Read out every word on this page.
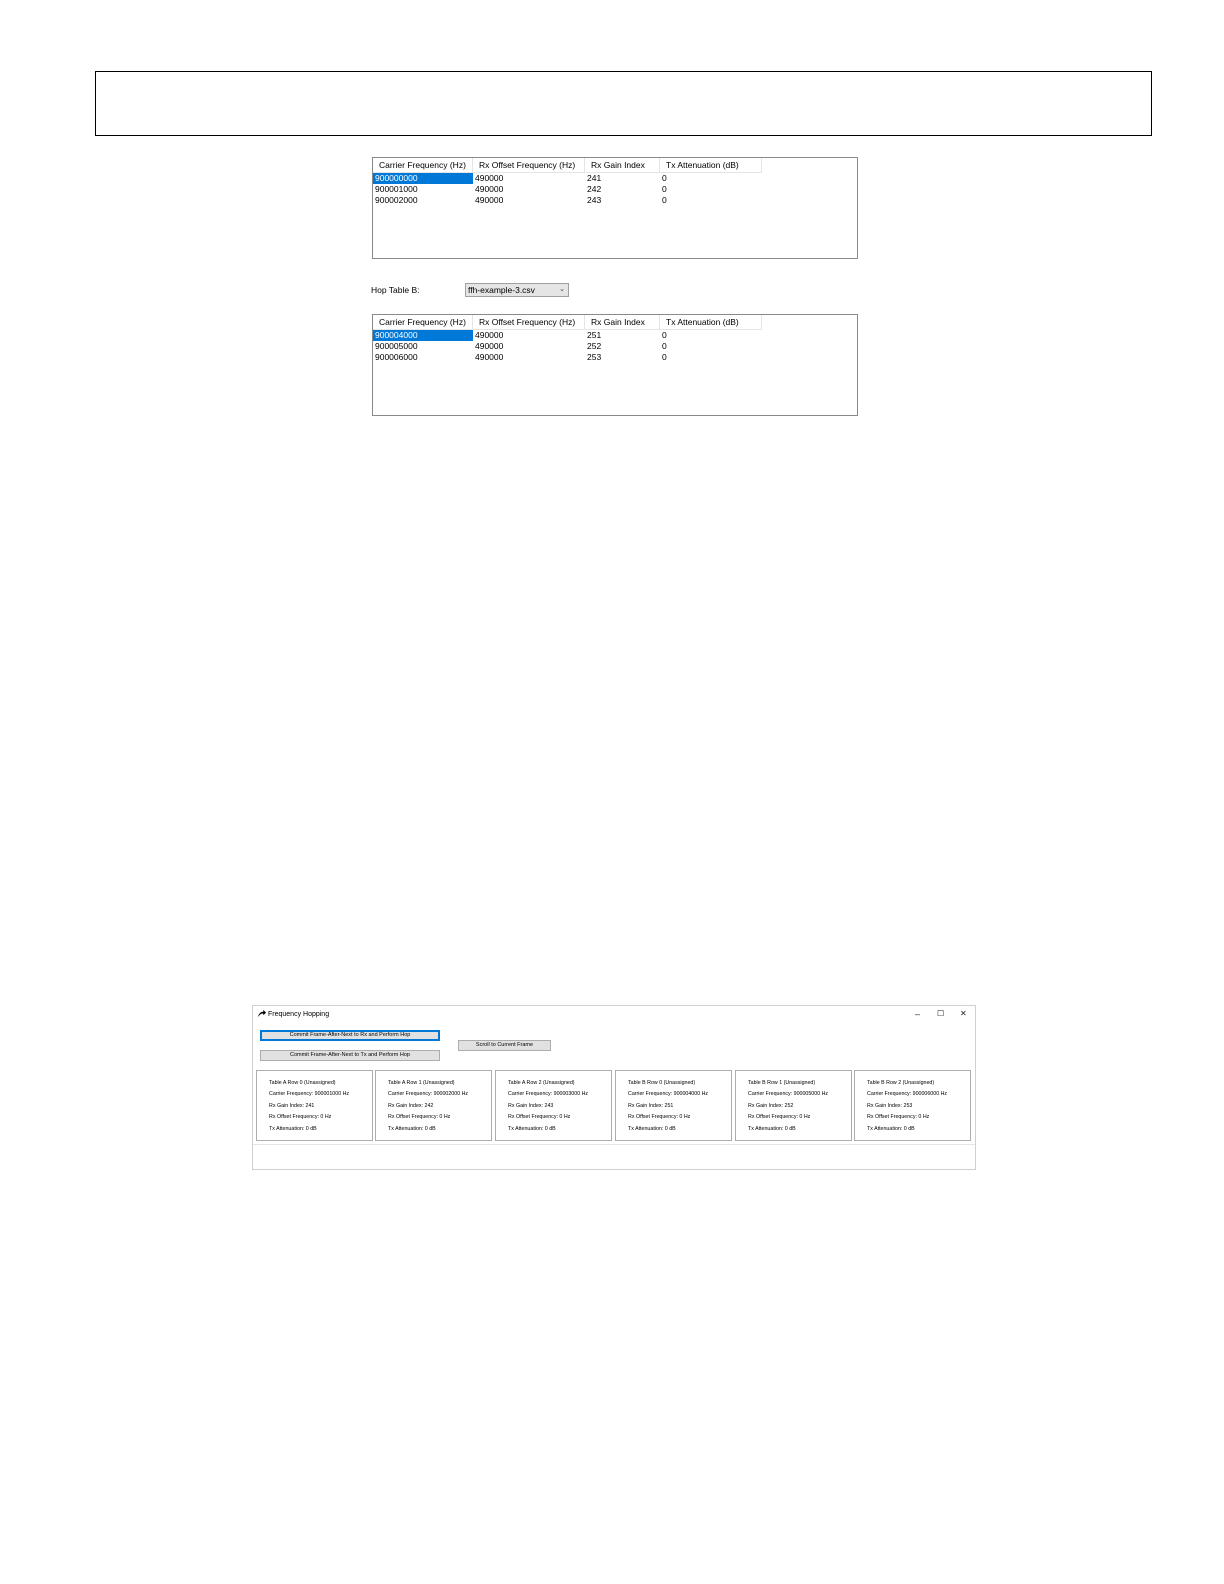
Carrier Frequency (Hz)	Rx Offset Frequency (Hz)	Rx Gain Index	Tx Attenuation (dB)
900000000	490000	241	0
900001000	490000	242	0
900002000	490000	243	0
Hop Table B:	ffh-example-3.csv	⌄
Carrier Frequency (Hz)	Rx Offset Frequency (Hz)	Rx Gain Index	Tx Attenuation (dB)
900004000	490000	251	0
900005000	490000	252	0
900006000	490000	253	0
Frequency Hopping	– ☐ ✕
Commit Frame-After-Next to Rx and Perform Hop
Commit Frame-After-Next to Tx and Perform Hop
Scroll to Current Frame
Table A Row 0 (Unassigned)
Carrier Frequency: 900001000 Hz
Rx Gain Index: 241
Rx Offset Frequency: 0 Hz
Tx Attenuation: 0 dB
Table A Row 1 (Unassigned)
Carrier Frequency: 900002000 Hz
Rx Gain Index: 242
Rx Offset Frequency: 0 Hz
Tx Attenuation: 0 dB
Table A Row 2 (Unassigned)
Carrier Frequency: 900003000 Hz
Rx Gain Index: 243
Rx Offset Frequency: 0 Hz
Tx Attenuation: 0 dB
Table B Row 0 (Unassigned)
Carrier Frequency: 900004000 Hz
Rx Gain Index: 251
Rx Offset Frequency: 0 Hz
Tx Attenuation: 0 dB
Table B Row 1 (Unassigned)
Carrier Frequency: 900005000 Hz
Rx Gain Index: 252
Rx Offset Frequency: 0 Hz
Tx Attenuation: 0 dB
Table B Row 2 (Unassigned)
Carrier Frequency: 900006000 Hz
Rx Gain Index: 253
Rx Offset Frequency: 0 Hz
Tx Attenuation: 0 dB
